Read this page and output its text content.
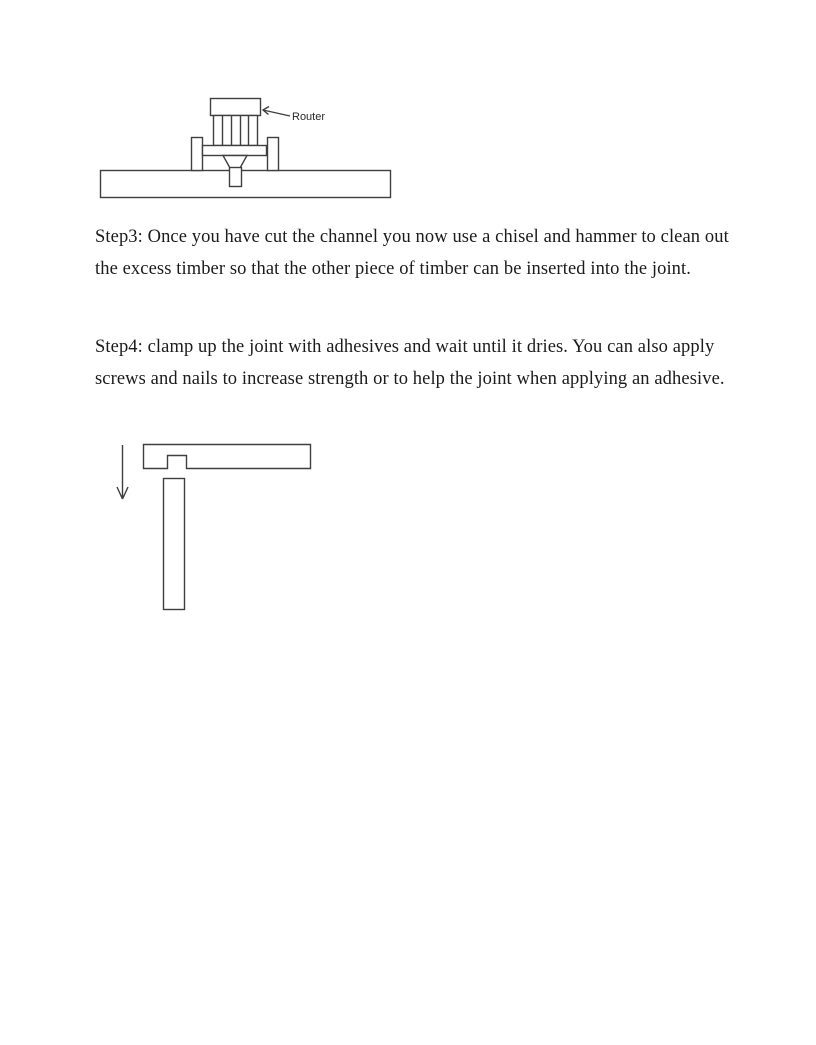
Router

Step3: Once you have cut the channel you now use a chisel and hammer to clean out the excess timber so that the other piece of timber can be inserted into the joint.

Step4: clamp up the joint with adhesives and wait until it dries. You can also apply screws and nails to increase strength or to help the joint when applying an adhesive.
